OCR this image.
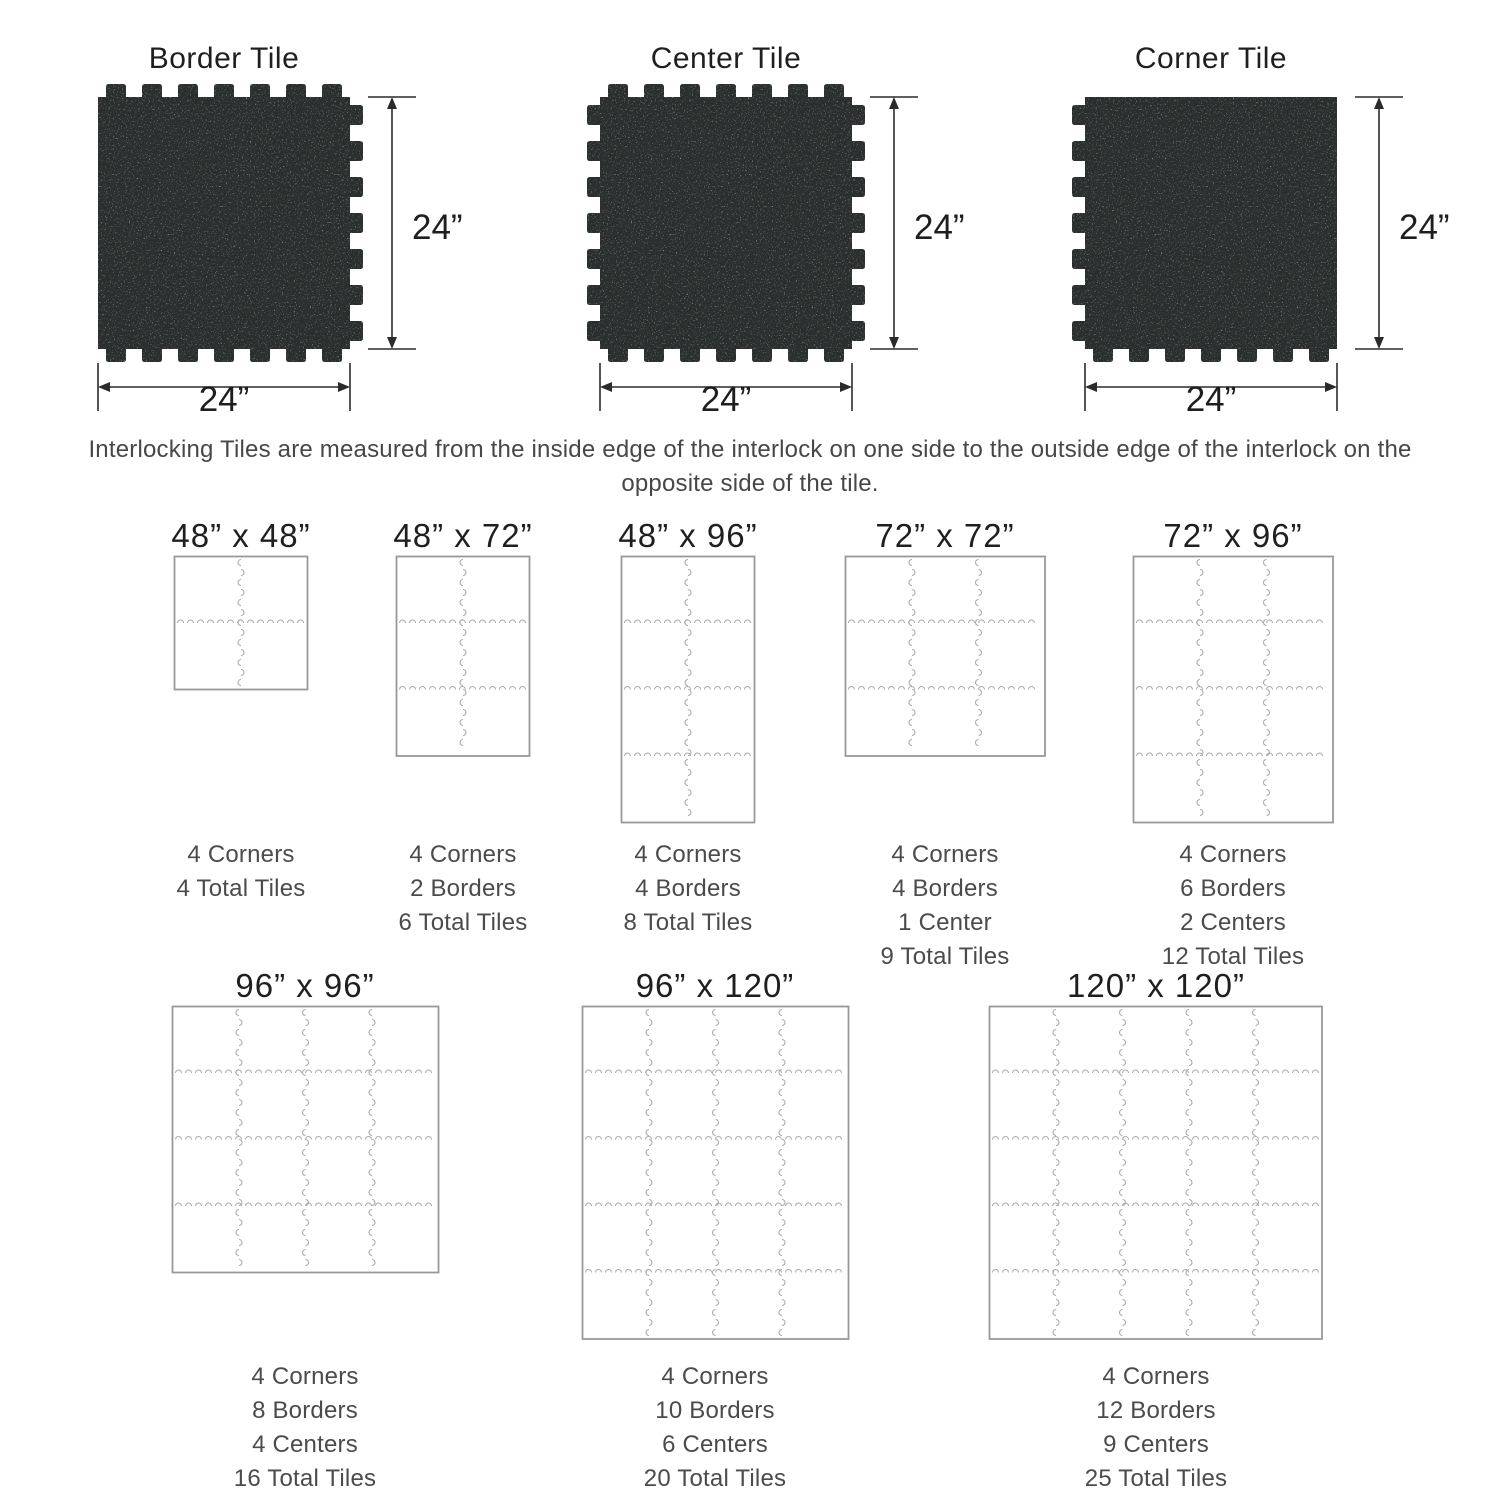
Border Tile
24”
24”
Center Tile
24”
24”
Corner Tile
24”
24”
Interlocking Tiles are measured from the inside edge of the interlock on one side to the outside edge of the interlock on the opposite side of the tile.
48” x 48”
4 Corners
4 Total Tiles
48” x 72”
4 Corners
2 Borders
6 Total Tiles
48” x 96”
4 Corners
4 Borders
8 Total Tiles
72” x 72”
4 Corners
4 Borders
1 Center
9 Total Tiles
72” x 96”
4 Corners
6 Borders
2 Centers
12 Total Tiles
96” x 96”
4 Corners
8 Borders
4 Centers
16 Total Tiles
96” x 120”
4 Corners
10 Borders
6 Centers
20 Total Tiles
120” x 120”
4 Corners
12 Borders
9 Centers
25 Total Tiles
